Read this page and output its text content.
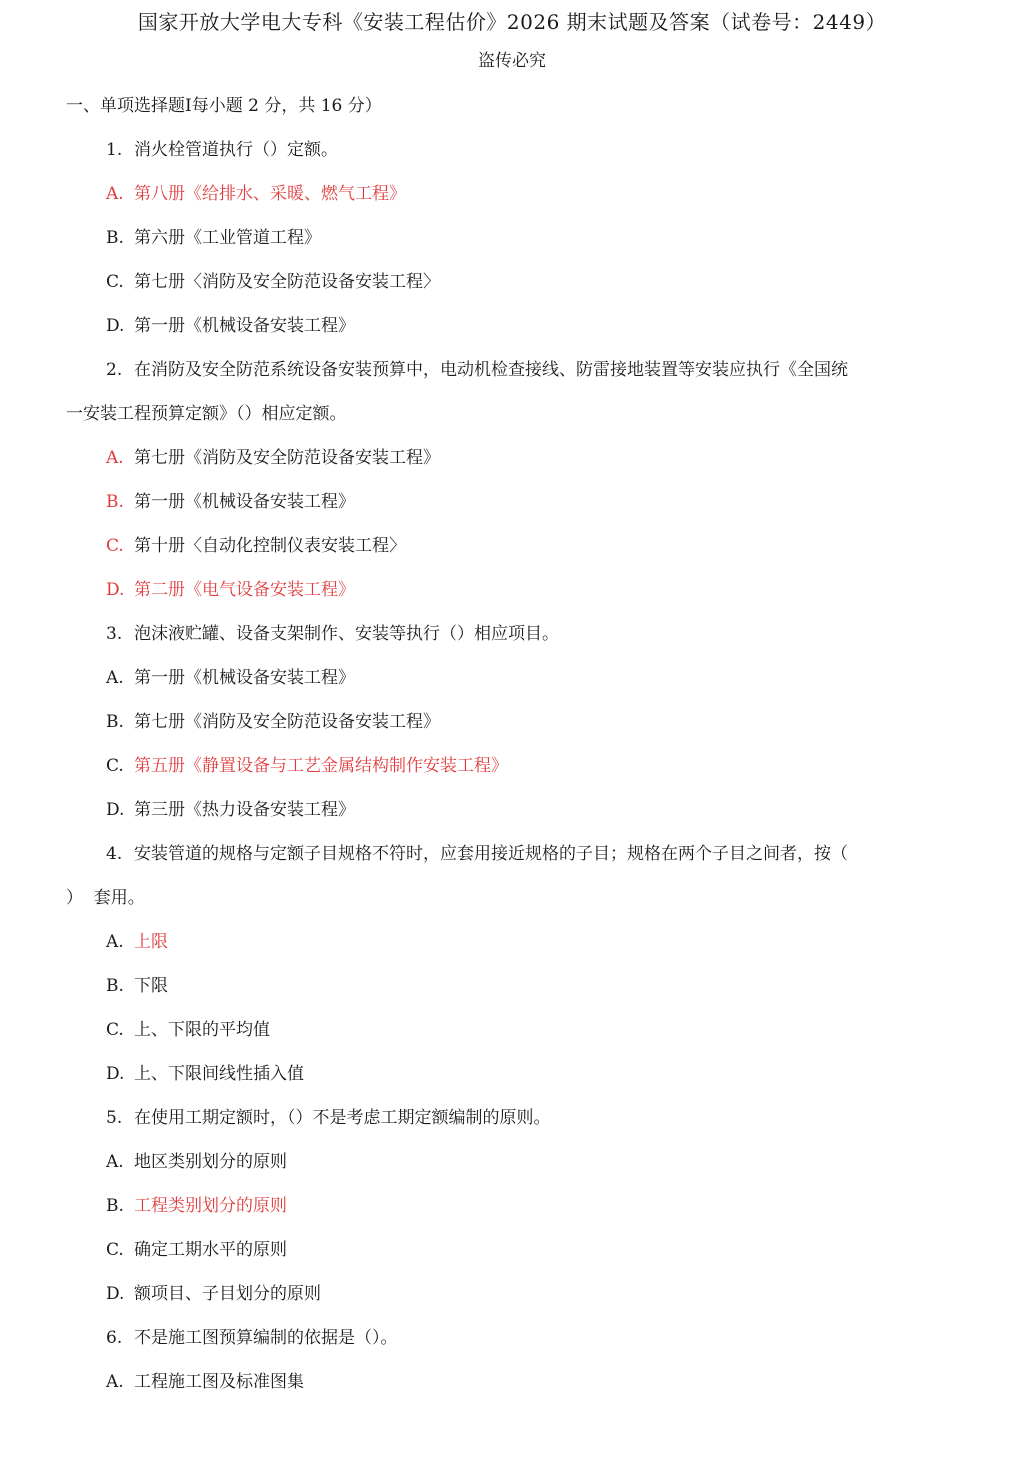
国家开放大学电大专科《安装工程估价》2026 期末试题及答案（试卷号：2449）
盗传必究
一、单项选择题Ⅰ每小题 2 分，共 16 分）
1. 消火栓管道执行（）定额。
A. 第八册《给排水、采暖、燃气工程》
B. 第六册《工业管道工程》
C. 第七册〈消防及安全防范设备安装工程〉
D. 第一册《机械设备安装工程》
2. 在消防及安全防范系统设备安装预算中，电动机检查接线、防雷接地装置等安装应执行《全国统
一安装工程预算定额》（）相应定额。
A. 第七册《消防及安全防范设备安装工程》
B. 第一册《机械设备安装工程》
C. 第十册〈自动化控制仪表安装工程〉
D. 第二册《电气设备安装工程》
3. 泡沫液贮罐、设备支架制作、安装等执行（）相应项目。
A. 第一册《机械设备安装工程》
B. 第七册《消防及安全防范设备安装工程》
C. 第五册《静置设备与工艺金属结构制作安装工程》
D. 第三册《热力设备安装工程》
4. 安装管道的规格与定额子目规格不符时，应套用接近规格的子目；规格在两个子目之间者，按（
）  套用。
A. 上限
B. 下限
C. 上、下限的平均值
D. 上、下限间线性插入值
5. 在使用工期定额时，（）不是考虑工期定额编制的原则。
A. 地区类别划分的原则
B. 工程类别划分的原则
C. 确定工期水平的原则
D. 额项目、子目划分的原则
6. 不是施工图预算编制的依据是（）。
A. 工程施工图及标准图集
